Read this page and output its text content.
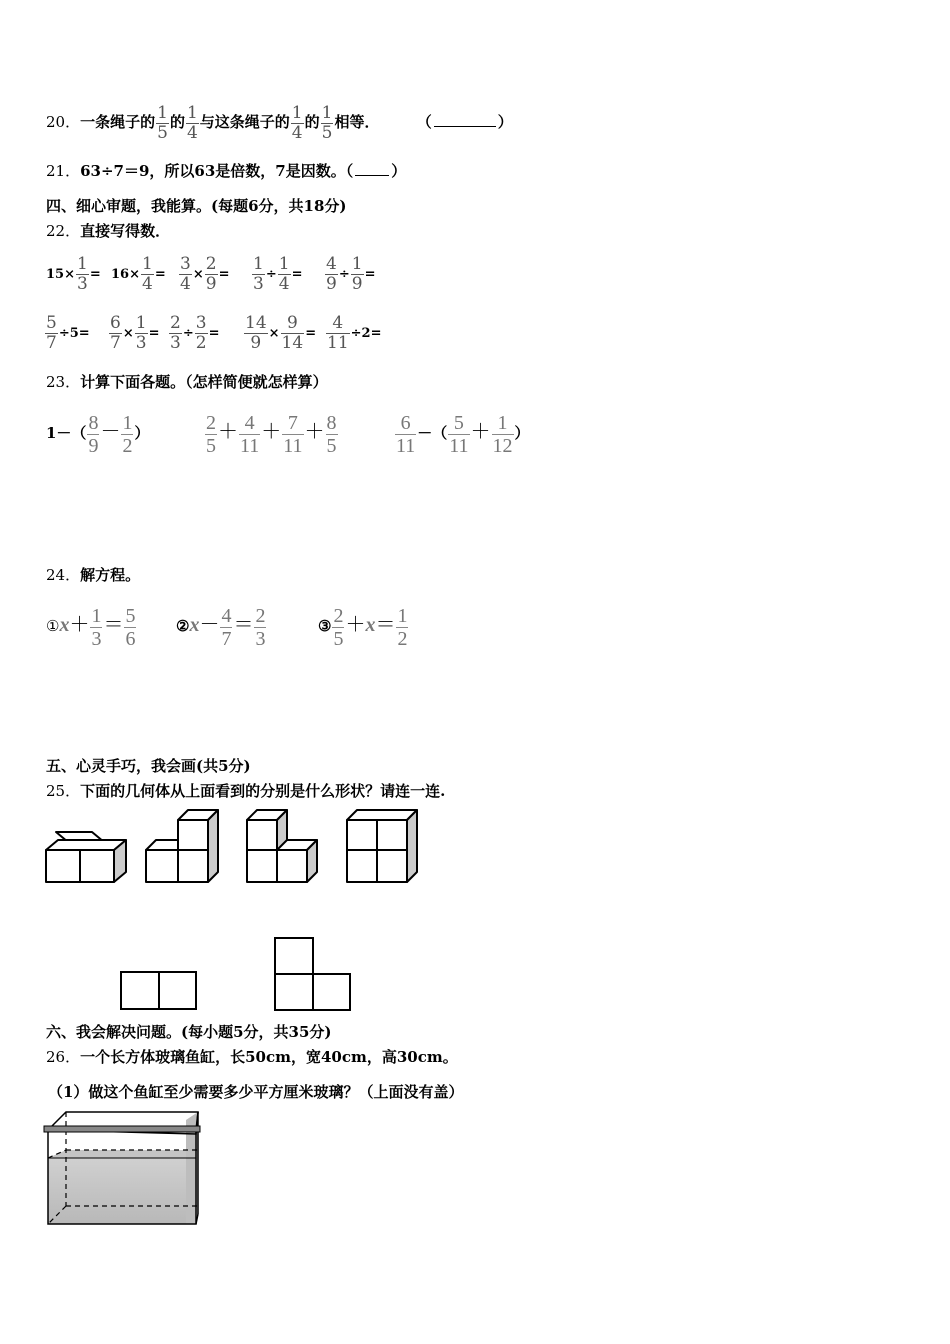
20．一条绳子的 $\frac{1}{5}$ 的 $\frac{1}{4}$ 与这条绳子的 $\frac{1}{4}$ 的 $\frac{1}{5}$ 相等． （	）
21．63÷7＝9，所以63是倍数，7是因数。（	）
四、细心审题，我能算。(每题6分，共18分)
22．直接写得数．
$15\times \frac{1}{3} = 16\times \frac{1}{4} = \frac{3}{4} \times \frac{2}{9} = \frac{1}{3} \div \frac{1}{4} = \frac{4}{9} \div \frac{1}{9}$ =
$\frac{5}{7} \div 5= \frac{6}{7} \times \frac{1}{3} = \frac{2}{3} \div \frac{3}{2} = \frac{14}{9} \times \frac{9}{14} = \frac{4}{11} \div 2=$
23．计算下面各题。（怎样简便就怎样算）
$1-( \frac{8}{9} - \frac{1}{2}$ ）	$\frac{2}{5} + \frac{4}{11} + \frac{7}{11} + \frac{8}{5}$	$\frac{6}{11}$ －（ $\frac{5}{11} + \frac{1}{12}$ ）
24．解方程。
①x＋ $\frac{1}{3} = \frac{5}{6}$	②x－ $\frac{4}{7} = \frac{2}{3}$	③ $\frac{2}{5} +x= \frac{1}{2}$
五、心灵手巧，我会画(共5分)
25．下面的几何体从上面看到的分别是什么形状？请连一连.
六、我会解决问题。(每小题5分，共35分)
26．一个长方体玻璃鱼缸，长50cm，宽40cm，高30cm。
（1）做这个鱼缸至少需要多少平方厘米玻璃？（上面没有盖）
